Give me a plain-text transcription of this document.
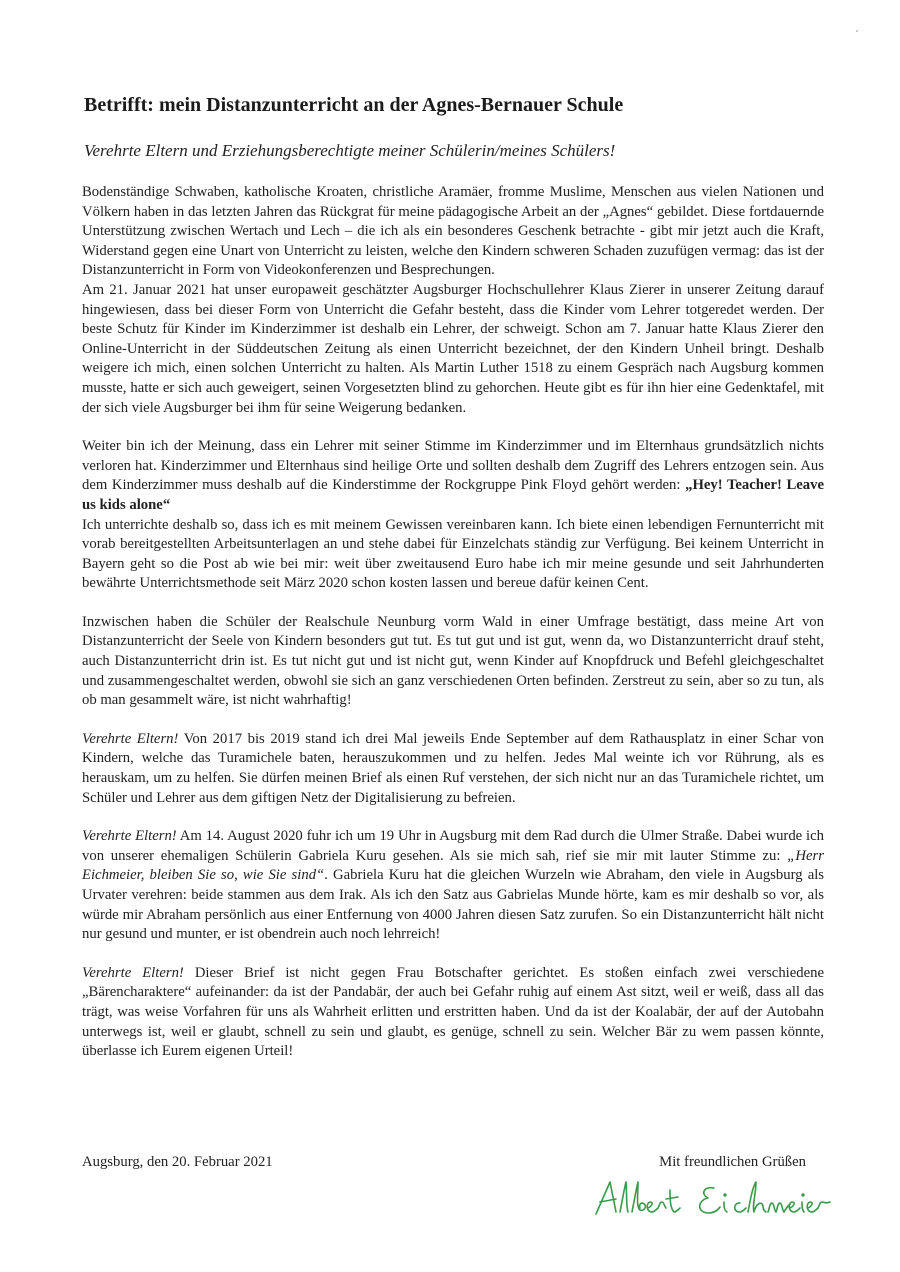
Betrifft: mein Distanzunterricht an der Agnes-Bernauer Schule
Verehrte Eltern und Erziehungsberechtigte meiner Schülerin/meines Schülers!

Bodenständige Schwaben, katholische Kroaten, christliche Aramäer, fromme Muslime, Menschen aus vielen Nationen und Völkern haben in das letzten Jahren das Rückgrat für meine pädagogische Arbeit an der „Agnes“ gebildet. Diese fortdauernde Unterstützung zwischen Wertach und Lech – die ich als ein besonderes Geschenk betrachte - gibt mir jetzt auch die Kraft, Widerstand gegen eine Unart von Unterricht zu leisten, welche den Kindern schweren Schaden zuzufügen vermag: das ist der Distanzunterricht in Form von Videokonferenzen und Besprechungen.

Am 21. Januar 2021 hat unser europaweit geschätzter Augsburger Hochschullehrer Klaus Zierer in unserer Zeitung darauf hingewiesen, dass bei dieser Form von Unterricht die Gefahr besteht, dass die Kinder vom Lehrer totgeredet werden. Der beste Schutz für Kinder im Kinderzimmer ist deshalb ein Lehrer, der schweigt. Schon am 7. Januar hatte Klaus Zierer den Online-Unterricht in der Süddeutschen Zeitung als einen Unterricht bezeichnet, der den Kindern Unheil bringt. Deshalb weigere ich mich, einen solchen Unterricht zu halten. Als Martin Luther 1518 zu einem Gespräch nach Augsburg kommen musste, hatte er sich auch geweigert, seinen Vorgesetzten blind zu gehorchen. Heute gibt es für ihn hier eine Gedenktafel, mit der sich viele Augsburger bei ihm für seine Weigerung bedanken.

Weiter bin ich der Meinung, dass ein Lehrer mit seiner Stimme im Kinderzimmer und im Elternhaus grundsätzlich nichts verloren hat. Kinderzimmer und Elternhaus sind heilige Orte und sollten deshalb dem Zugriff des Lehrers entzogen sein. Aus dem Kinderzimmer muss deshalb auf die Kinderstimme der Rockgruppe Pink Floyd gehört werden: „Hey! Teacher! Leave us kids alone“

Ich unterrichte deshalb so, dass ich es mit meinem Gewissen vereinbaren kann. Ich biete einen lebendigen Fernunterricht mit vorab bereitgestellten Arbeitsunterlagen an und stehe dabei für Einzelchats ständig zur Verfügung. Bei keinem Unterricht in Bayern geht so die Post ab wie bei mir: weit über zweitausend Euro habe ich mir meine gesunde und seit Jahrhunderten bewährte Unterrichtsmethode seit März 2020 schon kosten lassen und bereue dafür keinen Cent.

Inzwischen haben die Schüler der Realschule Neunburg vorm Wald in einer Umfrage bestätigt, dass meine Art von Distanzunterricht der Seele von Kindern besonders gut tut. Es tut gut und ist gut, wenn da, wo Distanzunterricht drauf steht, auch Distanzunterricht drin ist. Es tut nicht gut und ist nicht gut, wenn Kinder auf Knopfdruck und Befehl gleichgeschaltet und zusammengeschaltet werden, obwohl sie sich an ganz verschiedenen Orten befinden. Zerstreut zu sein, aber so zu tun, als ob man gesammelt wäre, ist nicht wahrhaftig!

Verehrte Eltern! Von 2017 bis 2019 stand ich drei Mal jeweils Ende September auf dem Rathausplatz in einer Schar von Kindern, welche das Turamichele baten, herauszukommen und zu helfen. Jedes Mal weinte ich vor Rührung, als es herauskam, um zu helfen. Sie dürfen meinen Brief als einen Ruf verstehen, der sich nicht nur an das Turamichele richtet, um Schüler und Lehrer aus dem giftigen Netz der Digitalisierung zu befreien.

Verehrte Eltern! Am 14. August 2020 fuhr ich um 19 Uhr in Augsburg mit dem Rad durch die Ulmer Straße. Dabei wurde ich von unserer ehemaligen Schülerin Gabriela Kuru gesehen. Als sie mich sah, rief sie mir mit lauter Stimme zu: „Herr Eichmeier, bleiben Sie so, wie Sie sind“. Gabriela Kuru hat die gleichen Wurzeln wie Abraham, den viele in Augsburg als Urvater verehren: beide stammen aus dem Irak. Als ich den Satz aus Gabrielas Munde hörte, kam es mir deshalb so vor, als würde mir Abraham persönlich aus einer Entfernung von 4000 Jahren diesen Satz zurufen. So ein Distanzunterricht hält nicht nur gesund und munter, er ist obendrein auch noch lehrreich!

Verehrte Eltern! Dieser Brief ist nicht gegen Frau Botschafter gerichtet. Es stoßen einfach zwei verschiedene „Bärencharaktere“ aufeinander: da ist der Pandabär, der auch bei Gefahr ruhig auf einem Ast sitzt, weil er weiß, dass all das trägt, was weise Vorfahren für uns als Wahrheit erlitten und erstritten haben. Und da ist der Koalabär, der auf der Autobahn unterwegs ist, weil er glaubt, schnell zu sein und glaubt, es genüge, schnell zu sein. Welcher Bär zu wem passen könnte, überlasse ich Eurem eigenen Urteil!

Augsburg, den 20. Februar 2021	Mit freundlichen Grüßen
